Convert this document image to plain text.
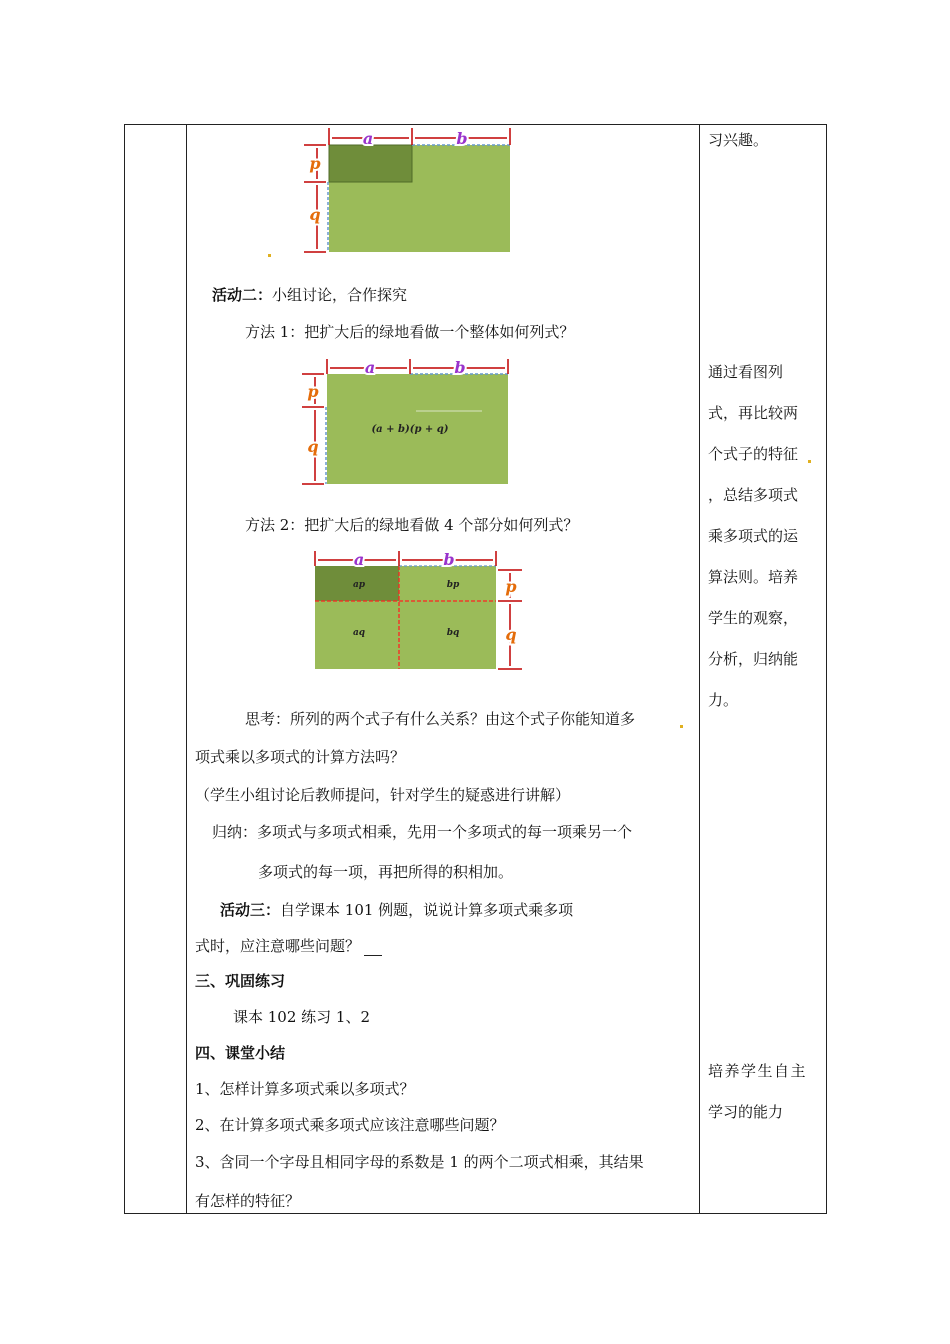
a	b
p
q
活动二：小组讨论，合作探究
方法 1：把扩大后的绿地看做一个整体如何列式？
a	b
p
q
(a + b)(p + q)
方法 2：把扩大后的绿地看做 4 个部分如何列式？
a	b
p
q
ap	bp
aq	bq
思考：所列的两个式子有什么关系？由这个式子你能知道多
项式乘以多项式的计算方法吗？
（学生小组讨论后教师提问，针对学生的疑惑进行讲解）
归纳：多项式与多项式相乘，先用一个多项式的每一项乘另一个
多项式的每一项，再把所得的积相加。
活动三：自学课本 101 例题，说说计算多项式乘多项
式时，应注意哪些问题？
三、巩固练习
课本 102 练习 1、2
四、课堂小结
1、怎样计算多项式乘以多项式？
2、在计算多项式乘多项式应该注意哪些问题？
3、含同一个字母且相同字母的系数是 1 的两个二项式相乘，其结果
有怎样的特征？
习兴趣。
通过看图列
式，再比较两
个式子的特征
，总结多项式
乘多项式的运
算法则。培养
学生的观察，
分析，归纳能
力。
培养学生自主
学习的能力
